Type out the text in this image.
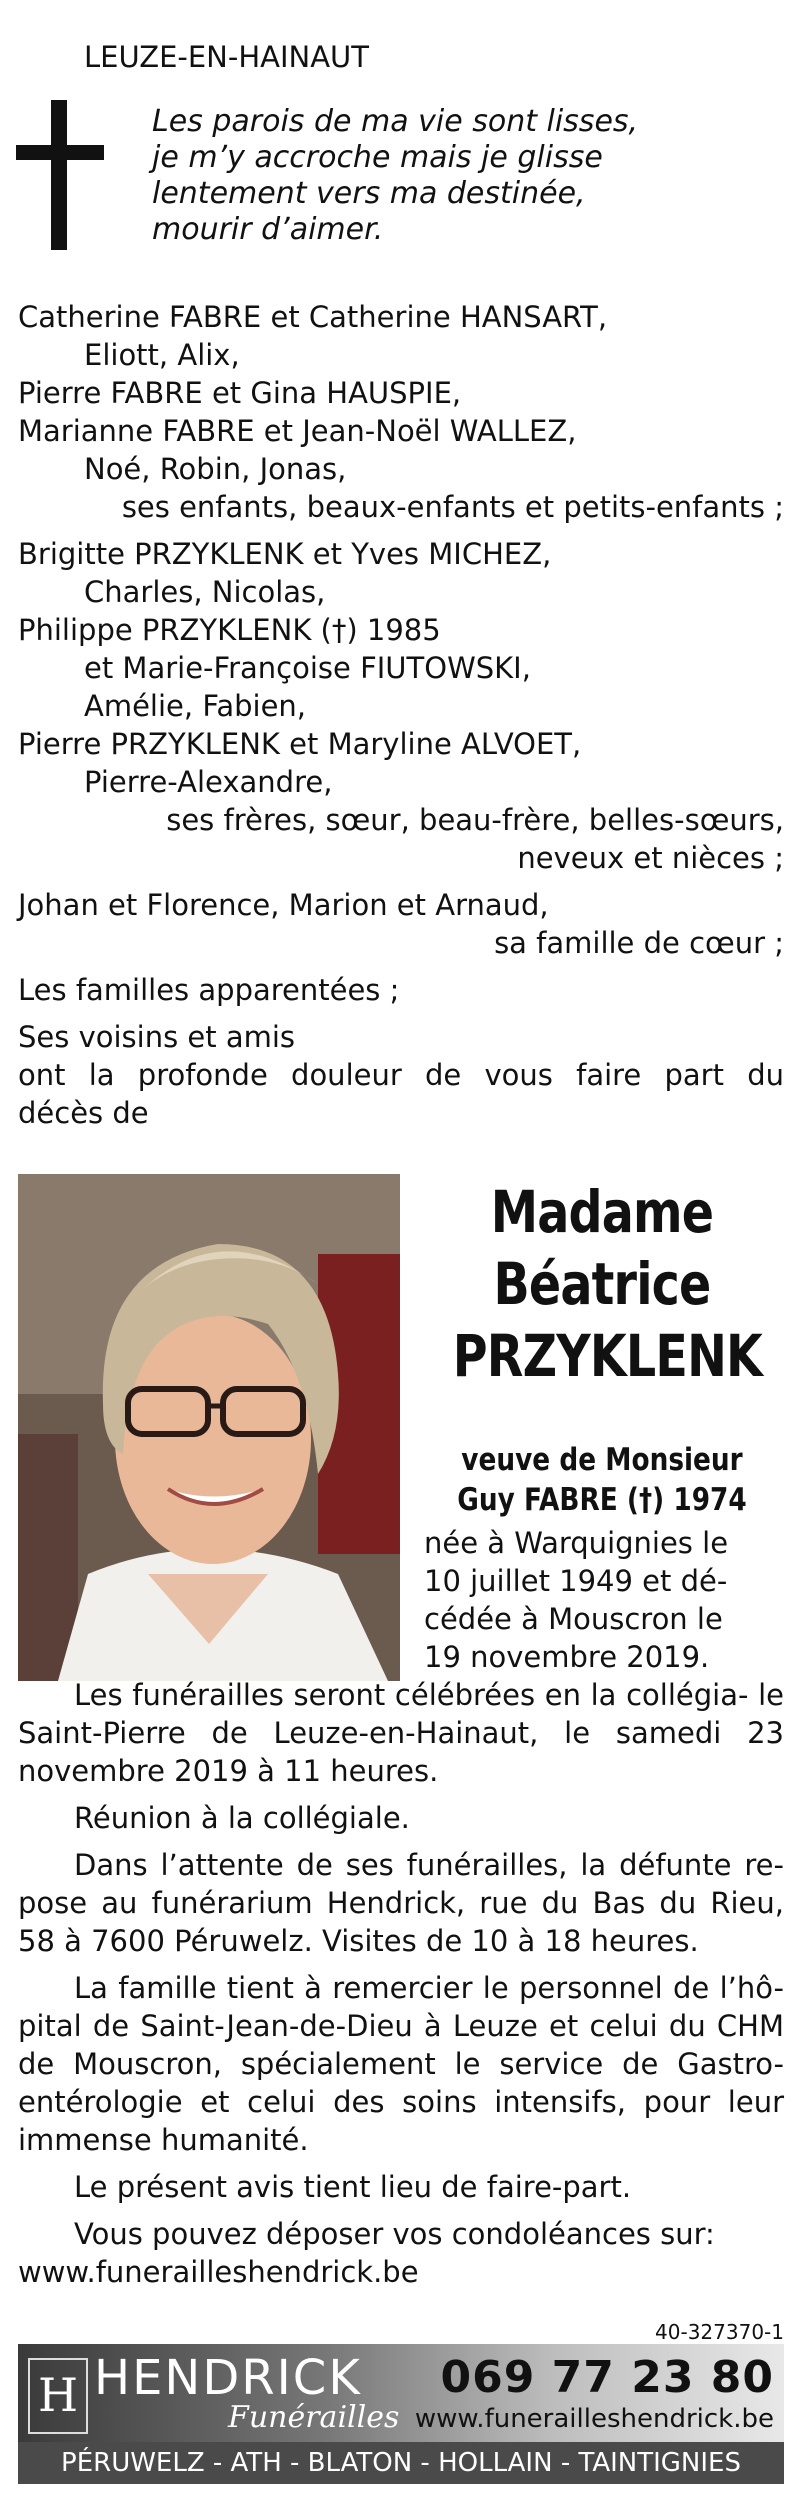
LEUZE-EN-HAINAUT
Les parois de ma vie sont lisses,
je m’y accroche mais je glisse
lentement vers ma destinée,
mourir d’aimer.
Catherine FABRE et Catherine HANSART,
Eliott, Alix,
Pierre FABRE et Gina HAUSPIE,
Marianne FABRE et Jean-Noël WALLEZ,
Noé, Robin, Jonas,
ses enfants, beaux-enfants et petits-enfants ;
Brigitte PRZYKLENK et Yves MICHEZ,
Charles, Nicolas,
Philippe PRZYKLENK (†) 1985
et Marie-Françoise FIUTOWSKI,
Amélie, Fabien,
Pierre PRZYKLENK et Maryline ALVOET,
Pierre-Alexandre,
ses frères, sœur, beau-frère, belles-sœurs,
neveux et nièces ;
Johan et Florence, Marion et Arnaud,
sa famille de cœur ;
Les familles apparentées ;
Ses voisins et amis
ont la profonde douleur de vous faire part du
décès de
Madame
Béatrice
PRZYKLENK
veuve de Monsieur
Guy FABRE (†) 1974
née à Warquignies le
10 juillet 1949 et dé-
cédée à Mouscron le
19 novembre 2019.

Les funérailles seront célébrées en la collégia- le Saint-Pierre de Leuze-en-Hainaut, le samedi 23 novembre 2019 à 11 heures.

Réunion à la collégiale.

Dans l’attente de ses funérailles, la défunte re- pose au funérarium Hendrick, rue du Bas du Rieu, 58 à 7600 Péruwelz. Visites de 10 à 18 heures.

La famille tient à remercier le personnel de l’hô- pital de Saint-Jean-de-Dieu à Leuze et celui du CHM de Mouscron, spécialement le service de Gastro- entérologie et celui des soins intensifs, pour leur immense humanité.

Le présent avis tient lieu de faire-part.

Vous pouvez déposer vos condoléances sur:

www.funerailleshendrick.be

40-327370-1
H HENDRICK
Funérailles
069 77 23 80
www.funerailleshendrick.be
PÉRUWELZ - ATH - BLATON - HOLLAIN - TAINTIGNIES
